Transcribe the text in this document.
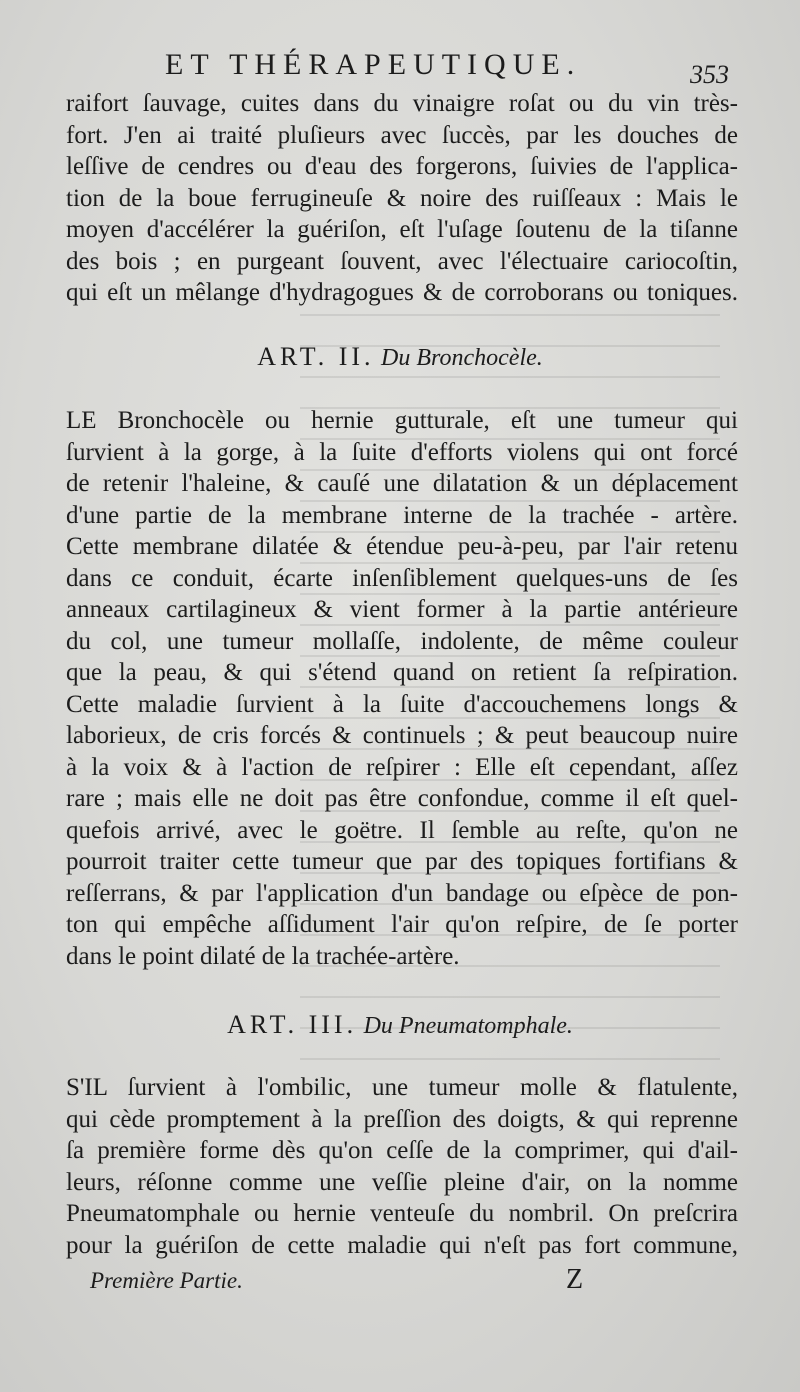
ET THÉRAPEUTIQUE.	353
raifort ſauvage, cuites dans du vinaigre roſat ou du vin très-
fort. J'en ai traité pluſieurs avec ſuccès, par les douches de
leſſive de cendres ou d'eau des forgerons, ſuivies de l'applica-
tion de la boue ferrugineuſe & noire des ruiſſeaux : Mais le
moyen d'accélérer la guériſon, eſt l'uſage ſoutenu de la tiſanne
des bois ; en purgeant ſouvent, avec l'électuaire cariocoſtin,
qui eſt un mêlange d'hydragogues & de corroborans ou toniques.
ART. II. Du Bronchocèle.
LE Bronchocèle ou hernie gutturale, eſt une tumeur qui
ſurvient à la gorge, à la ſuite d'efforts violens qui ont forcé
de retenir l'haleine, & cauſé une dilatation & un déplacement
d'une partie de la membrane interne de la trachée - artère.
Cette membrane dilatée & étendue peu-à-peu, par l'air retenu
dans ce conduit, écarte inſenſiblement quelques-uns de ſes
anneaux cartilagineux & vient former à la partie antérieure
du col, une tumeur mollaſſe, indolente, de même couleur
que la peau, & qui s'étend quand on retient ſa reſpiration.
Cette maladie ſurvient à la ſuite d'accouchemens longs &
laborieux, de cris forcés & continuels ; & peut beaucoup nuire
à la voix & à l'action de reſpirer : Elle eſt cependant, aſſez
rare ; mais elle ne doit pas être confondue, comme il eſt quel-
quefois arrivé, avec le goëtre. Il ſemble au reſte, qu'on ne
pourroit traiter cette tumeur que par des topiques fortifians &
reſſerrans, & par l'application d'un bandage ou eſpèce de pon-
ton qui empêche aſſidument l'air qu'on reſpire, de ſe porter
dans le point dilaté de la trachée-artère.
ART. III. Du Pneumatomphale.
S'IL ſurvient à l'ombilic, une tumeur molle & flatulente,
qui cède promptement à la preſſion des doigts, & qui reprenne
ſa première forme dès qu'on ceſſe de la comprimer, qui d'ail-
leurs, réſonne comme une veſſie pleine d'air, on la nomme
Pneumatomphale ou hernie venteuſe du nombril. On preſcrira
pour la guériſon de cette maladie qui n'eſt pas fort commune,
Première Partie.	Z
